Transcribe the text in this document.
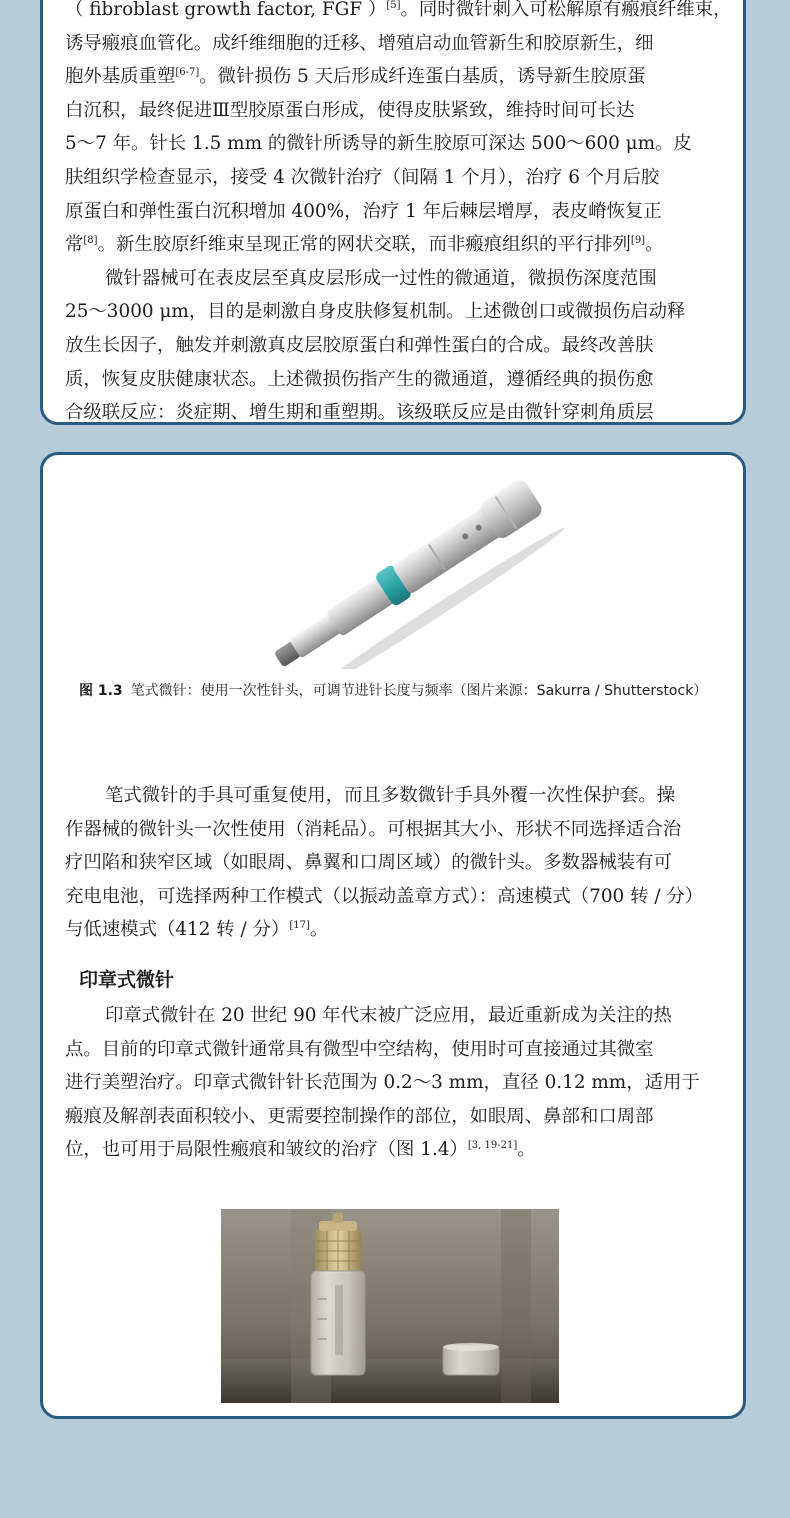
（ fibroblast growth factor, FGF ）[5]。同时微针刺入可松解原有瘢痕纤维束，
诱导瘢痕血管化。成纤维细胞的迁移、增殖启动血管新生和胶原新生，细
胞外基质重塑[6-7]。微针损伤 5 天后形成纤连蛋白基质，诱导新生胶原蛋
白沉积，最终促进Ⅲ型胶原蛋白形成，使得皮肤紧致，维持时间可长达
5～7 年。针长 1.5 mm 的微针所诱导的新生胶原可深达 500～600 μm。皮
肤组织学检查显示，接受 4 次微针治疗（间隔 1 个月），治疗 6 个月后胶
原蛋白和弹性蛋白沉积增加 400%，治疗 1 年后棘层增厚，表皮嵴恢复正
常[8]。新生胶原纤维束呈现正常的网状交联，而非瘢痕组织的平行排列[9]。
微针器械可在表皮层至真皮层形成一过性的微通道，微损伤深度范围
25～3000 μm，目的是刺激自身皮肤修复机制。上述微创口或微损伤启动释
放生长因子，触发并刺激真皮层胶原蛋白和弹性蛋白的合成。最终改善肤
质，恢复皮肤健康状态。上述微损伤指产生的微通道，遵循经典的损伤愈
合级联反应：炎症期、增生期和重塑期。该级联反应是由微针穿刺角质层

图 1.3 笔式微针：使用一次性针头，可调节进针长度与频率（图片来源：Sakurra / Shutterstock）

笔式微针的手具可重复使用，而且多数微针手具外覆一次性保护套。操
作器械的微针头一次性使用（消耗品）。可根据其大小、形状不同选择适合治
疗凹陷和狭窄区域（如眼周、鼻翼和口周区域）的微针头。多数器械装有可
充电电池，可选择两种工作模式（以振动盖章方式）：高速模式（700 转 / 分）
与低速模式（412 转 / 分）[17]。

印章式微针

印章式微针在 20 世纪 90 年代末被广泛应用，最近重新成为关注的热
点。目前的印章式微针通常具有微型中空结构，使用时可直接通过其微室
进行美塑治疗。印章式微针针长范围为 0.2～3 mm，直径 0.12 mm，适用于
瘢痕及解剖表面积较小、更需要控制操作的部位，如眼周、鼻部和口周部
位，也可用于局限性瘢痕和皱纹的治疗（图 1.4）[3, 19-21]。
